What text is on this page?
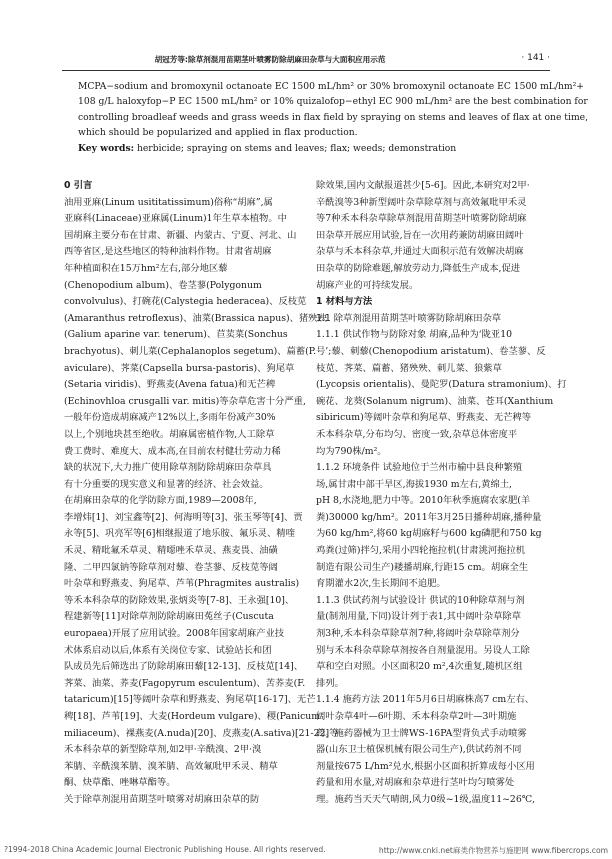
胡冠芳等:除草剂混用苗期茎叶喷雾防除胡麻田杂草与大面积应用示范	· 141 ·
MCPA−sodium and bromoxynil octanoate EC 1500 mL/hm² or 30% bromoxynil octanoate EC 1500 mL/hm²+
108 g/L haloxyfop−P EC 1500 mL/hm² or 10% quizalofop−ethyl EC 900 mL/hm² are the best combination for
controlling broadleaf weeds and grass weeds in flax field by spraying on stems and leaves of flax at one time,
which should be popularized and applied in flax production.
Key words: herbicide; spraying on stems and leaves; flax; weeds; demonstration
0 引言
油用亚麻(Linum usititatissimum)俗称“胡麻”,属
亚麻科(Linaceae)亚麻属(Linum)1年生草本植物。中
国胡麻主要分布在甘肃、新疆、内蒙古、宁夏、河北、山
西等省区,是这些地区的特种油料作物。甘肃省胡麻
年种植面积在15万hm²左右,部分地区藜
(Chenopodium album)、卷茎蓼(Polygonum
convolvulus)、打碗花(Calystegia hederacea)、反枝苋
(Amaranthus retroflexus)、油菜(Brassica napus)、猪殃殃
(Galium aparine var. tenerum)、苣荬菜(Sonchus
brachyotus)、刺儿菜(Cephalanoplos segetum)、萹蓄(P.
aviculare)、荠菜(Capsella bursa-pastoris)、狗尾草
(Setaria viridis)、野燕麦(Avena fatua)和无芒稗
(Echinovhloa crusgalli var. mitis)等杂草危害十分严重,
一般年份造成胡麻减产12%以上,多雨年份减产30%
以上,个别地块甚至绝收。胡麻属密植作物,人工除草
费工费时、难度大、成本高,在目前农村健壮劳动力稀
缺的状况下,大力推广使用除草剂防除胡麻田杂草具
有十分重要的现实意义和显著的经济、社会效益。
在胡麻田杂草的化学防除方面,1989—2008年,
李增炜[1]、刘宝鑫等[2]、何海明等[3]、张玉琴等[4]、贾
永等[5]、巩亮军等[6]相继报道了地乐胺、氟乐灵、精喹
禾灵、精吡氟禾草灵、精噁唑禾草灵、燕麦畏、油磺
隆、二甲四氯钠等除草剂对藜、卷茎蓼、反枝苋等阔
叶杂草和野燕麦、狗尾草、芦苇(Phragmites australis)
等禾本科杂草的防除效果,张炳炎等[7-8]、王永强[10]、
程建新等[11]对除草剂防除胡麻田菟丝子(Cuscuta
europaea)开展了应用试验。2008年国家胡麻产业技
术体系启动以后,体系有关岗位专家、试验站长和团
队成员先后筛选出了防除胡麻田藜[12-13]、反枝苋[14]、
荠菜、油菜、荞麦(Fagopyrum esculentum)、苦荞麦(F.
tataricum)[15]等阔叶杂草和野燕麦、狗尾草[16-17]、无芒
稗[18]、芦苇[19]、大麦(Hordeum vulgare)、稷(Panicum
miliaceum)、裸燕麦(A.nuda)[20]、皮燕麦(A.sativa)[21-22]等
禾本科杂草的新型除草剂,如2甲·辛酰溴、2甲·溴
苯腈、辛酰溴苯腈、溴苯腈、高效氟吡甲禾灵、精草
酮、炔草酯、唑啉草酯等。
关于除草剂混用苗期茎叶喷雾对胡麻田杂草的防
除效果,国内文献报道甚少[5-6]。因此,本研究对2甲·
辛酰溴等3种新型阔叶杂草除草剂与高效氟吡甲禾灵
等7种禾本科杂草除草剂混用苗期茎叶喷雾防除胡麻
田杂草开展应用试验,旨在一次用药兼防胡麻田阔叶
杂草与禾本科杂草,并通过大面积示范有效解决胡麻
田杂草的防除难题,解放劳动力,降低生产成本,促进
胡麻产业的可持续发展。
1 材料与方法
1.1 除草剂混用苗期茎叶喷雾防除胡麻田杂草
1.1.1 供试作物与防除对象 胡麻,品种为‘陇亚10
号’;藜、刺藜(Chenopodium aristatum)、卷茎蓼、反
枝苋、荠菜、萹蓄、猪殃殃、刺儿菜、狼紫草
(Lycopsis orientalis)、曼陀罗(Datura stramonium)、打
碗花、龙葵(Solanum nigrum)、油菜、苍耳(Xanthium
sibiricum)等阔叶杂草和狗尾草、野燕麦、无芒稗等
禾本科杂草,分布均匀、密度一致,杂草总体密度平
均为790株/m²。
1.1.2 环境条件 试验地位于兰州市榆中县良种繁殖
场,属甘肃中部干旱区,海拔1930 m左右,黄绵土,
pH 8,水浇地,肥力中等。2010年秋季施腐农家肥(羊
粪)30000 kg/hm²。2011年3月25日播种胡麻,播种量
为60 kg/hm²,将60 kg胡麻籽与600 kg磷肥和750 kg
鸡粪(过筛)拌匀,采用小四轮拖拉机(甘肃洮河拖拉机
制造有限公司生产)耧播胡麻,行距15 cm。胡麻全生
育期灌水2次,生长期间不追肥。
1.1.3 供试药剂与试验设计 供试的10种除草剂与剂
量(制剂用量,下同)设计列于表1,其中阔叶杂草除草
剂3种,禾本科杂草除草剂7种,将阔叶杂草除草剂分
别与禾本科杂草除草剂按各自剂量混用。另设人工除
草和空白对照。小区面积20 m²,4次重复,随机区组
排列。
1.1.4 施药方法 2011年5月6日胡麻株高7 cm左右、
阔叶杂草4叶—6叶期、禾本科杂草2叶—3叶期施
药。施药器械为卫士牌WS-16PA型背负式手动喷雾
器(山东卫士植保机械有限公司生产),供试药剂不同
剂量按675 L/hm²兑水,根据小区面积折算成每小区用
药量和用水量,对胡麻和杂草进行茎叶均匀喷雾处
理。施药当天天气晴朗,风力0级~1级,温度11~26℃,
?1994-2018 China Academic Journal Electronic Publishing House. All rights reserved.	http://www.cnki.net麻类作物营养与施肥网 www.fibercrops.com
